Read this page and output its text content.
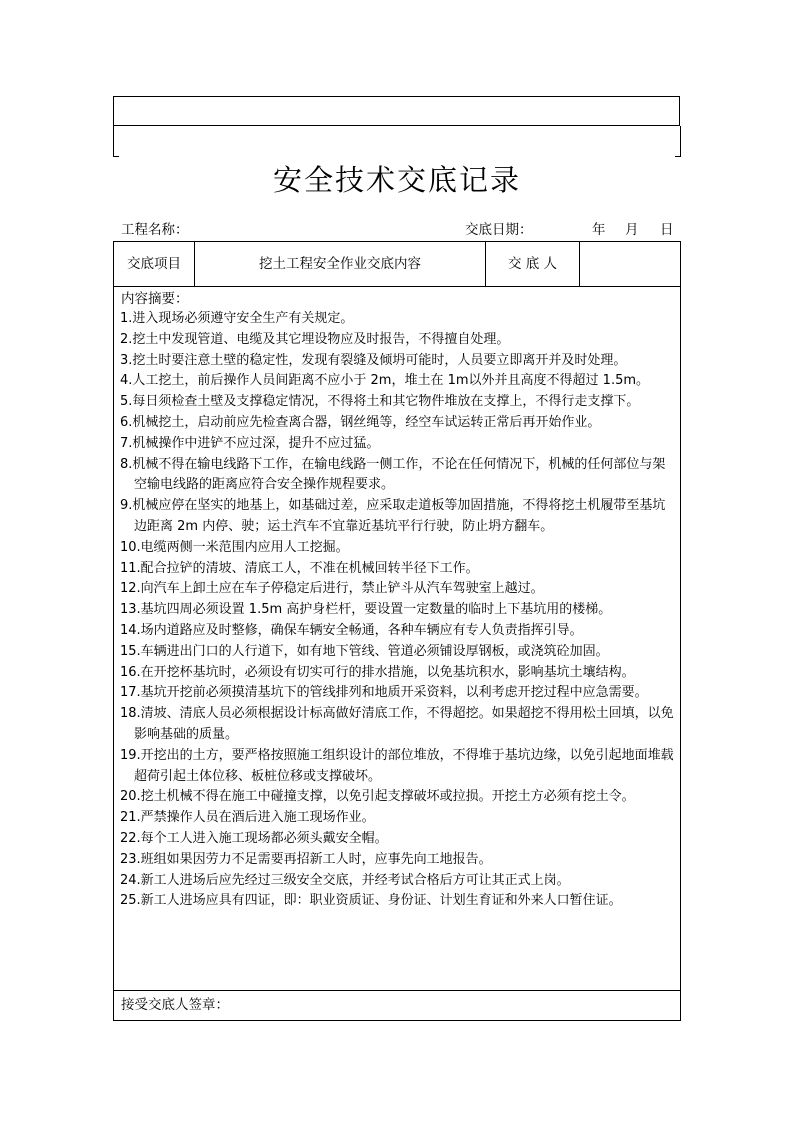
安全技术交底记录
工程名称：	交底日期：	年 月 日
交底项目	挖土工程安全作业交底内容	交 底 人
内容摘要：
1.进入现场必须遵守安全生产有关规定。
2.挖土中发现管道、电缆及其它埋设物应及时报告，不得擅自处理。
3.挖土时要注意土壁的稳定性，发现有裂缝及倾坍可能时，人员要立即离开并及时处理。
4.人工挖土，前后操作人员间距离不应小于 2m，堆土在 1m以外并且高度不得超过 1.5m。
5.每日须检查土壁及支撑稳定情况，不得将土和其它物件堆放在支撑上，不得行走支撑下。
6.机械挖土，启动前应先检查离合器，钢丝绳等，经空车试运转正常后再开始作业。
7.机械操作中进铲不应过深，提升不应过猛。
8.机械不得在输电线路下工作，在输电线路一侧工作，不论在任何情况下，机械的任何部位与架空输电线路的距离应符合安全操作规程要求。
9.机械应停在坚实的地基上，如基础过差，应采取走道板等加固措施，不得将挖土机履带至基坑边距离 2m 内停、驶；运土汽车不宜靠近基坑平行行驶，防止坍方翻车。
10.电缆两侧一米范围内应用人工挖掘。
11.配合拉铲的清坡、清底工人，不准在机械回转半径下工作。
12.向汽车上卸土应在车子停稳定后进行，禁止铲斗从汽车驾驶室上越过。
13.基坑四周必须设置 1.5m 高护身栏杆，要设置一定数量的临时上下基坑用的楼梯。
14.场内道路应及时整修，确保车辆安全畅通，各种车辆应有专人负责指挥引导。
15.车辆进出门口的人行道下，如有地下管线、管道必须铺设厚钢板，或浇筑砼加固。
16.在开挖杯基坑时，必须设有切实可行的排水措施，以免基坑积水，影响基坑土壤结构。
17.基坑开挖前必须摸清基坑下的管线排列和地质开采资料，以利考虑开挖过程中应急需要。
18.清坡、清底人员必须根据设计标高做好清底工作，不得超挖。如果超挖不得用松土回填，以免影响基础的质量。
19.开挖出的土方，要严格按照施工组织设计的部位堆放，不得堆于基坑边缘，以免引起地面堆载超荷引起土体位移、板桩位移或支撑破坏。
20.挖土机械不得在施工中碰撞支撑，以免引起支撑破坏或拉损。开挖土方必须有挖土令。
21.严禁操作人员在酒后进入施工现场作业。
22.每个工人进入施工现场都必须头戴安全帽。
23.班组如果因劳力不足需要再招新工人时，应事先向工地报告。
24.新工人进场后应先经过三级安全交底，并经考试合格后方可让其正式上岗。
25.新工人进场应具有四证，即：职业资质证、身份证、计划生育证和外来人口暂住证。
接受交底人签章：
